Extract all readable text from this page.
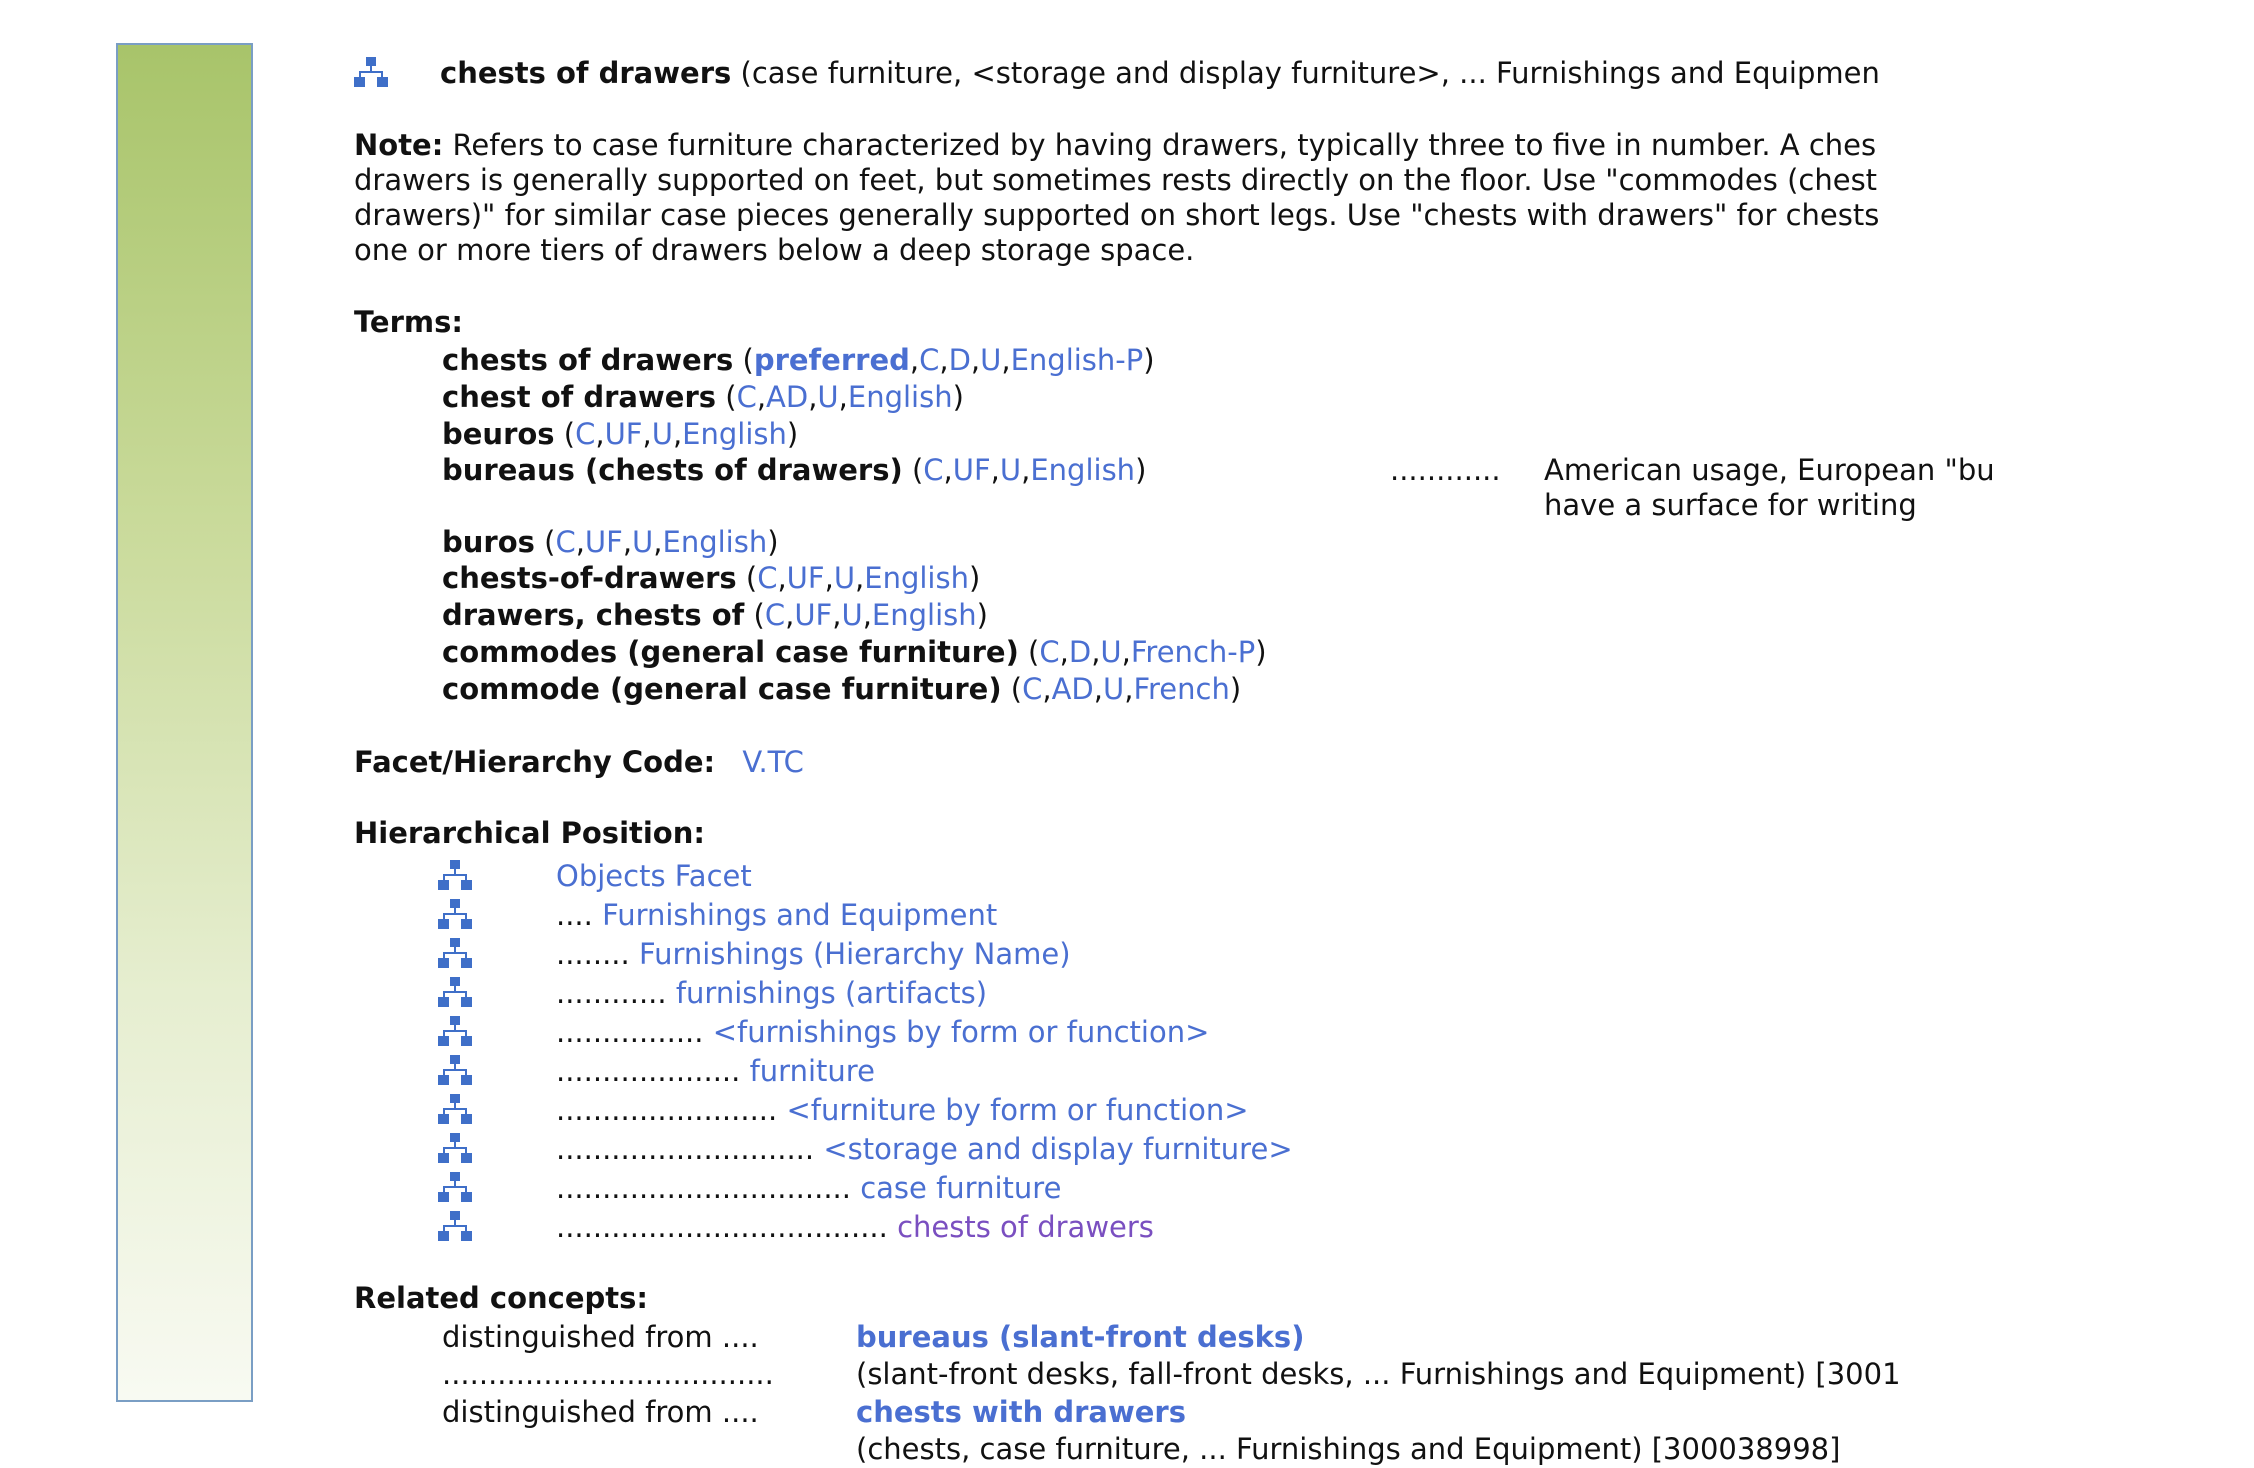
chests of drawers (case furniture, <storage and display furniture>, ... Furnishings and Equipmen
Note: Refers to case furniture characterized by having drawers, typically three to five in number. A ches
drawers is generally supported on feet, but sometimes rests directly on the floor. Use "commodes (chest
drawers)" for similar case pieces generally supported on short legs. Use "chests with drawers" for chests
one or more tiers of drawers below a deep storage space.
Terms:
chests of drawers (preferred,C,D,U,English-P)
chest of drawers (C,AD,U,English)
beuros (C,UF,U,English)
bureaus (chests of drawers) (C,UF,U,English)	............ American usage, European "bu
have a surface for writing
buros (C,UF,U,English)
chests-of-drawers (C,UF,U,English)
drawers, chests of (C,UF,U,English)
commodes (general case furniture) (C,D,U,French-P)
commode (general case furniture) (C,AD,U,French)
Facet/Hierarchy Code: V.TC
Hierarchical Position:
Objects Facet
.... Furnishings and Equipment
........ Furnishings (Hierarchy Name)
............ furnishings (artifacts)
................ <furnishings by form or function>
.................... furniture
........................ <furniture by form or function>
............................ <storage and display furniture>
................................ case furniture
.................................... chests of drawers
Related concepts:
distinguished from ....	bureaus (slant-front desks)
....................................	(slant-front desks, fall-front desks, ... Furnishings and Equipment) [3001
distinguished from ....	chests with drawers
(chests, case furniture, ... Furnishings and Equipment) [300038998]
